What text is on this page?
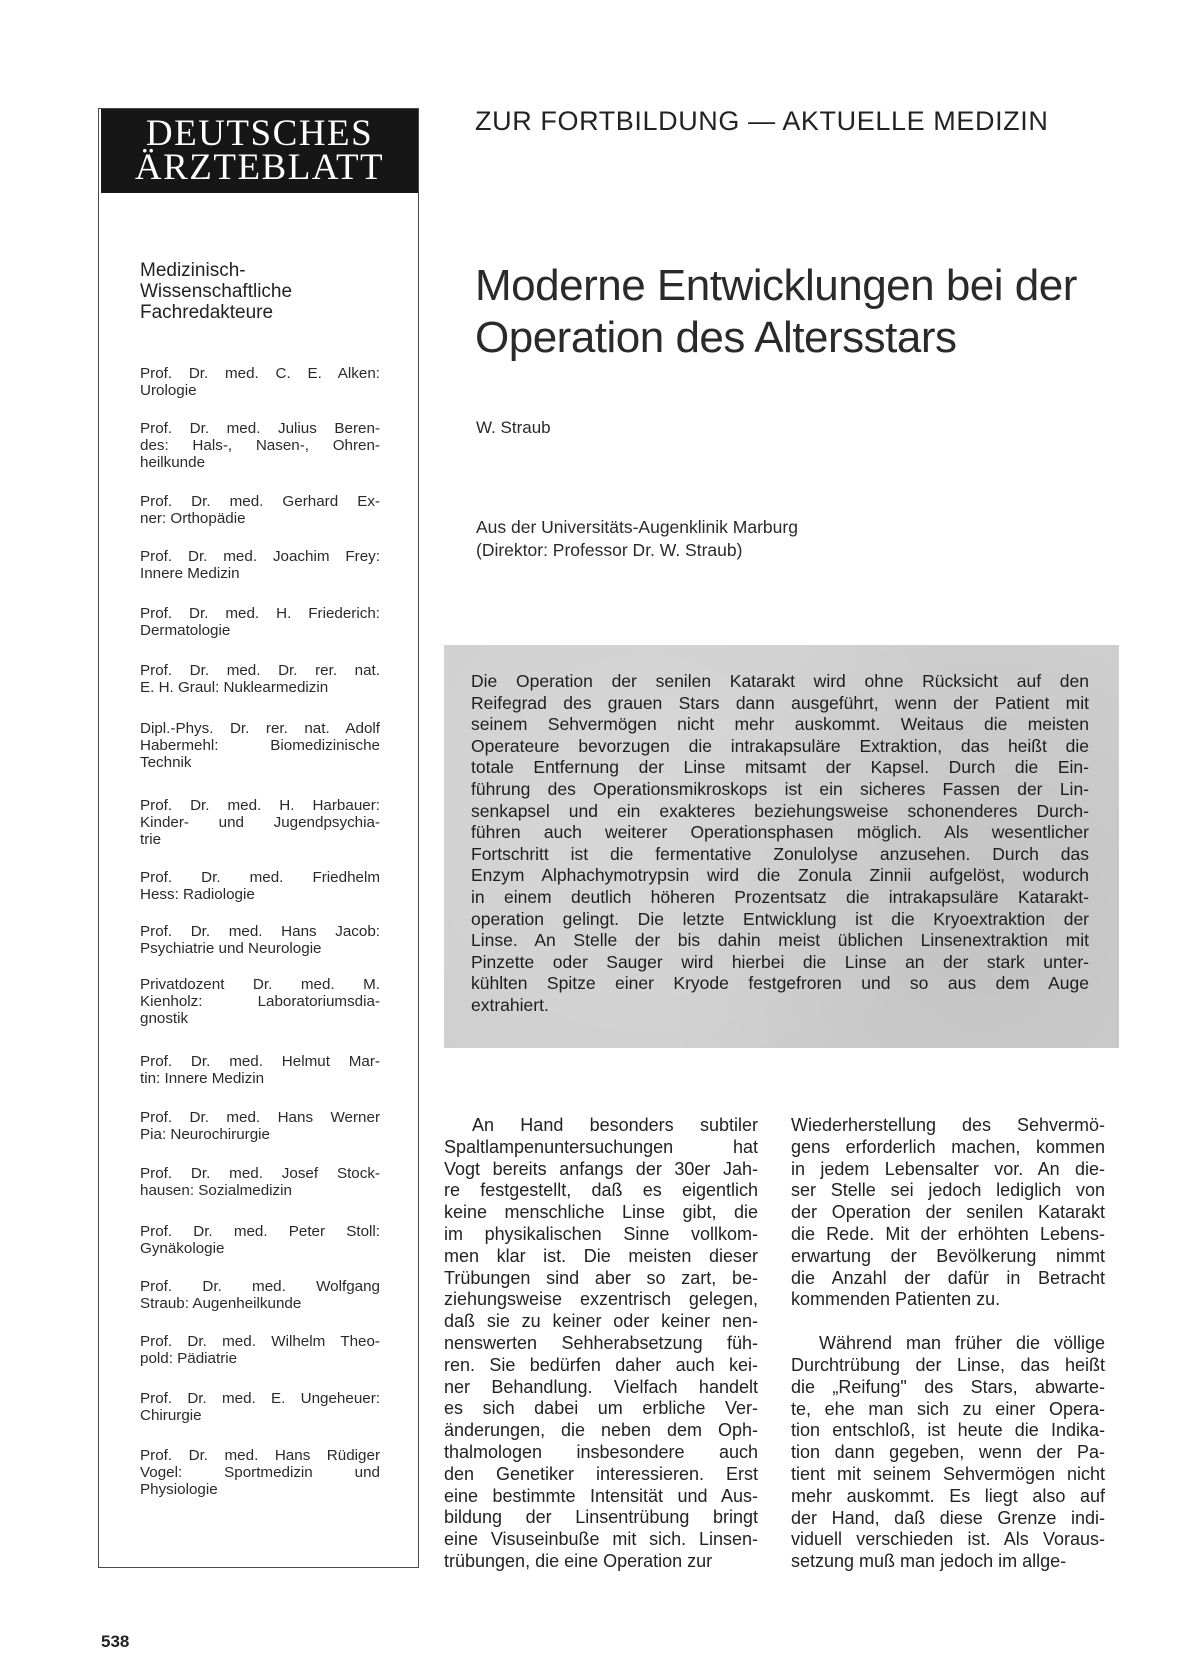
DEUTSCHES
ÄRZTEBLATT
ZUR FORTBILDUNG — AKTUELLE MEDIZIN
Medizinisch-
Wissenschaftliche
Fachredakteure
Moderne Entwicklungen bei der
Operation des Altersstars
W. Straub
Aus der Universitäts-Augenklinik Marburg
(Direktor: Professor Dr. W. Straub)
Die Operation der senilen Katarakt wird ohne Rücksicht auf den
Reifegrad des grauen Stars dann ausgeführt, wenn der Patient mit
seinem Sehvermögen nicht mehr auskommt. Weitaus die meisten
Operateure bevorzugen die intrakapsuläre Extraktion, das heißt die
totale Entfernung der Linse mitsamt der Kapsel. Durch die Ein-
führung des Operationsmikroskops ist ein sicheres Fassen der Lin-
senkapsel und ein exakteres beziehungsweise schonenderes Durch-
führen auch weiterer Operationsphasen möglich. Als wesentlicher
Fortschritt ist die fermentative Zonulolyse anzusehen. Durch das
Enzym Alphachymotrypsin wird die Zonula Zinnii aufgelöst, wodurch
in einem deutlich höheren Prozentsatz die intrakapsuläre Katarakt-
operation gelingt. Die letzte Entwicklung ist die Kryoextraktion der
Linse. An Stelle der bis dahin meist üblichen Linsenextraktion mit
Pinzette oder Sauger wird hierbei die Linse an der stark unter-
kühlten Spitze einer Kryode festgefroren und so aus dem Auge
extrahiert.
An Hand besonders subtiler
Spaltlampenuntersuchungen hat
Vogt bereits anfangs der 30er Jah-
re festgestellt, daß es eigentlich
keine menschliche Linse gibt, die
im physikalischen Sinne vollkom-
men klar ist. Die meisten dieser
Trübungen sind aber so zart, be-
ziehungsweise exzentrisch gelegen,
daß sie zu keiner oder keiner nen-
nenswerten Sehherabsetzung füh-
ren. Sie bedürfen daher auch kei-
ner Behandlung. Vielfach handelt
es sich dabei um erbliche Ver-
änderungen, die neben dem Oph-
thalmologen insbesondere auch
den Genetiker interessieren. Erst
eine bestimmte Intensität und Aus-
bildung der Linsentrübung bringt
eine Visuseinbuße mit sich. Linsen-
trübungen, die eine Operation zur
Wiederherstellung des Sehvermö-
gens erforderlich machen, kommen
in jedem Lebensalter vor. An die-
ser Stelle sei jedoch lediglich von
der Operation der senilen Katarakt
die Rede. Mit der erhöhten Lebens-
erwartung der Bevölkerung nimmt
die Anzahl der dafür in Betracht
kommenden Patienten zu.
Während man früher die völlige
Durchtrübung der Linse, das heißt
die „Reifung" des Stars, abwarte-
te, ehe man sich zu einer Opera-
tion entschloß, ist heute die Indika-
tion dann gegeben, wenn der Pa-
tient mit seinem Sehvermögen nicht
mehr auskommt. Es liegt also auf
der Hand, daß diese Grenze indi-
viduell verschieden ist. Als Voraus-
setzung muß man jedoch im allge-
538
Prof. Dr. med. C. E. Alken:
Urologie
Prof. Dr. med. Julius Beren-
des: Hals-, Nasen-, Ohren-
heilkunde
Prof. Dr. med. Gerhard Ex-
ner: Orthopädie
Prof. Dr. med. Joachim Frey:
Innere Medizin
Prof. Dr. med. H. Friederich:
Dermatologie
Prof. Dr. med. Dr. rer. nat.
E. H. Graul: Nuklearmedizin
Dipl.-Phys. Dr. rer. nat. Adolf
Habermehl: Biomedizinische
Technik
Prof. Dr. med. H. Harbauer:
Kinder- und Jugendpsychia-
trie
Prof. Dr. med. Friedhelm
Hess: Radiologie
Prof. Dr. med. Hans Jacob:
Psychiatrie und Neurologie
Privatdozent Dr. med. M.
Kienholz: Laboratoriumsdia-
gnostik
Prof. Dr. med. Helmut Mar-
tin: Innere Medizin
Prof. Dr. med. Hans Werner
Pia: Neurochirurgie
Prof. Dr. med. Josef Stock-
hausen: Sozialmedizin
Prof. Dr. med. Peter Stoll:
Gynäkologie
Prof. Dr. med. Wolfgang
Straub: Augenheilkunde
Prof. Dr. med. Wilhelm Theo-
pold: Pädiatrie
Prof. Dr. med. E. Ungeheuer:
Chirurgie
Prof. Dr. med. Hans Rüdiger
Vogel: Sportmedizin und
Physiologie
